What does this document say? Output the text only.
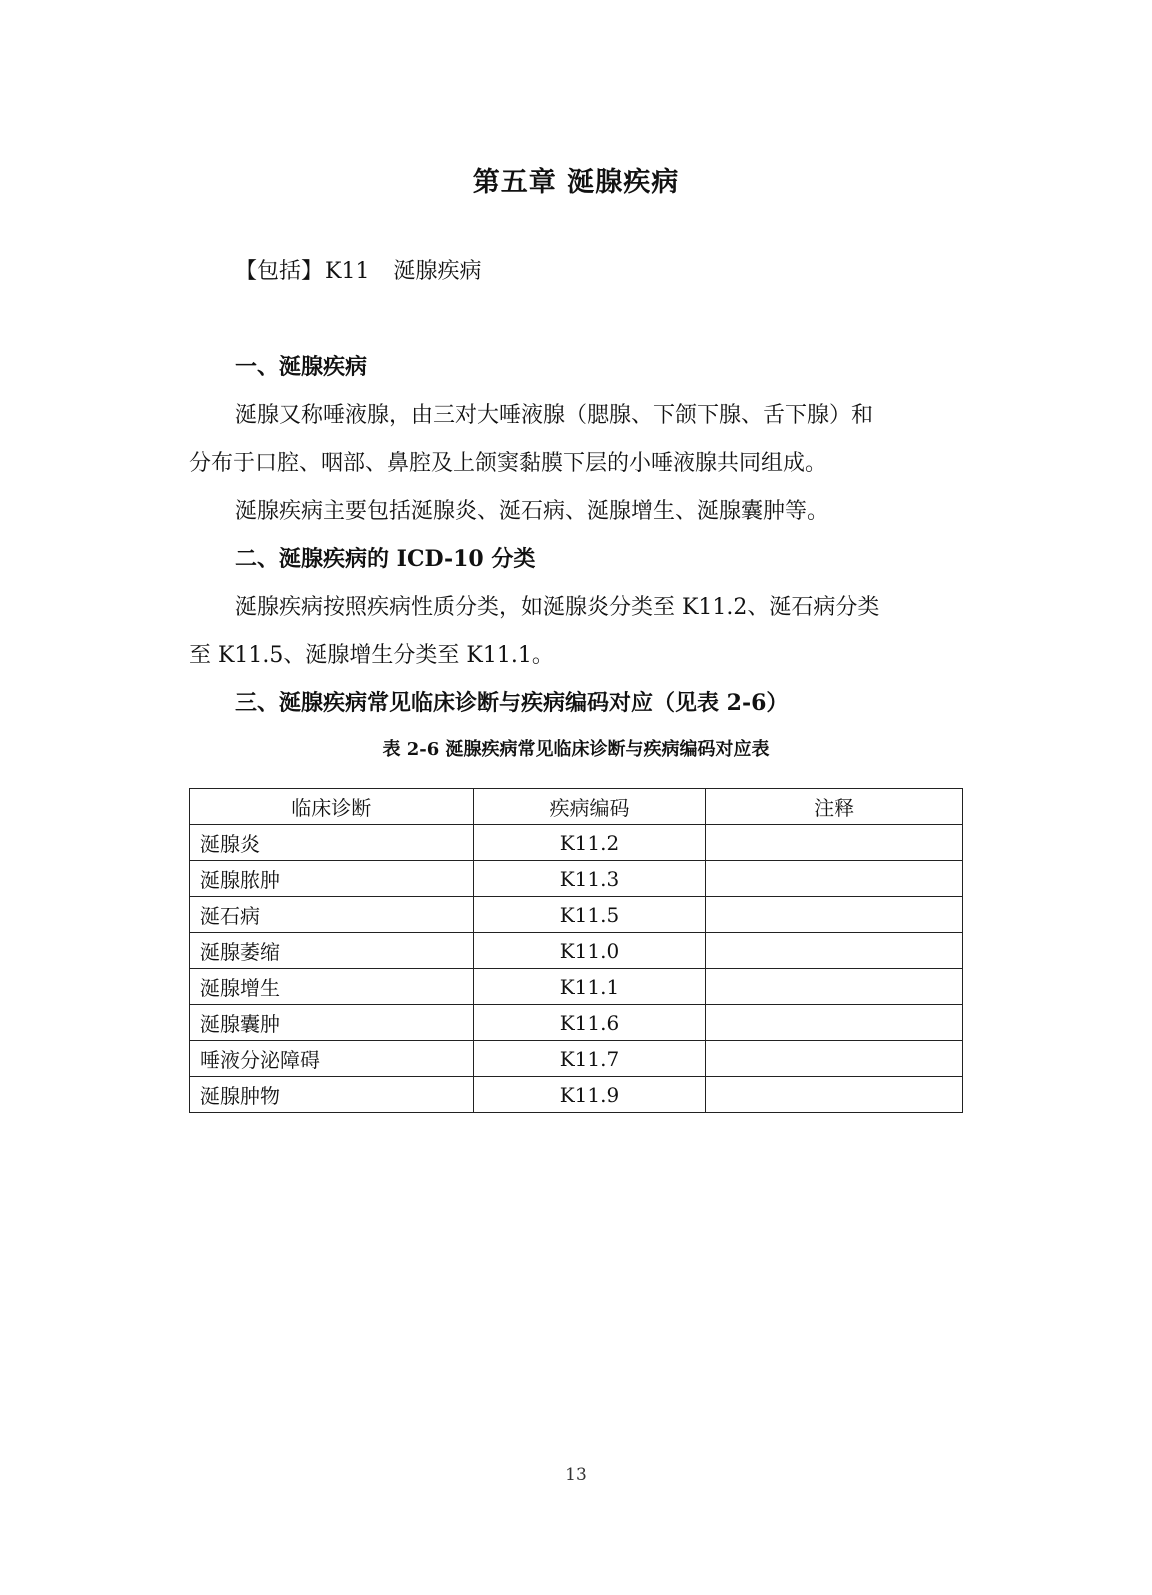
第五章 涎腺疾病
【包括】K11 涎腺疾病
一、涎腺疾病
涎腺又称唾液腺，由三对大唾液腺（腮腺、下颌下腺、舌下腺）和
分布于口腔、咽部、鼻腔及上颌窦黏膜下层的小唾液腺共同组成。
涎腺疾病主要包括涎腺炎、涎石病、涎腺增生、涎腺囊肿等。
二、涎腺疾病的 ICD-10 分类
涎腺疾病按照疾病性质分类，如涎腺炎分类至 K11.2、涎石病分类
至 K11.5、涎腺增生分类至 K11.1。
三、涎腺疾病常见临床诊断与疾病编码对应（见表 2-6）
表 2-6 涎腺疾病常见临床诊断与疾病编码对应表
临床诊断	疾病编码	注释
涎腺炎	K11.2	
涎腺脓肿	K11.3	
涎石病	K11.5	
涎腺萎缩	K11.0	
涎腺增生	K11.1	
涎腺囊肿	K11.6	
唾液分泌障碍	K11.7	
涎腺肿物	K11.9	
13
